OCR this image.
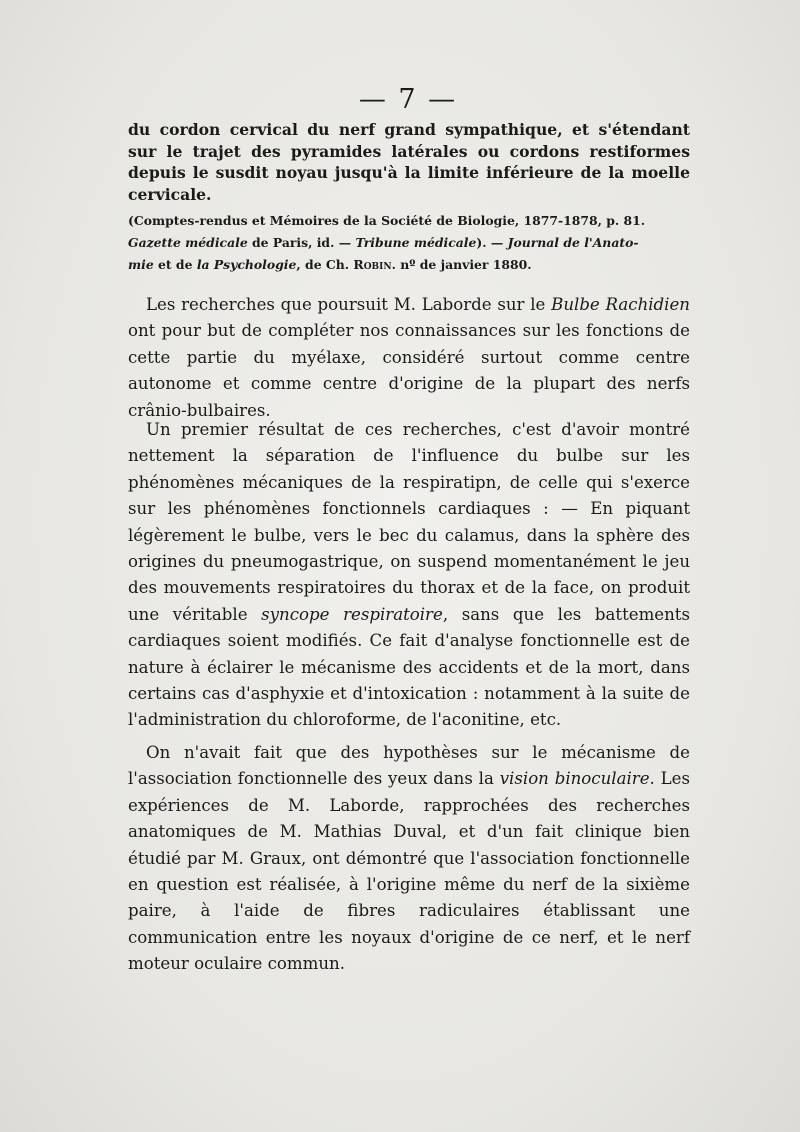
— 7 —
du cordon cervical du nerf grand sympathique, et s'étendant sur le trajet des pyramides latérales ou cordons restiformes depuis le susdit noyau jusqu'à la limite inférieure de la moelle cervicale.
(Comptes-rendus et Mémoires de la Société de Biologie, 1877-1878, p. 81.
Gazette médicale de Paris, id. — Tribune médicale). — Journal de l'Anato-
mie et de la Psychologie, de Ch. Robin. nº de janvier 1880.

Les recherches que poursuit M. Laborde sur le Bulbe Rachidien ont pour but de compléter nos connaissances sur les fonctions de cette partie du myélaxe, considéré surtout comme centre autonome et comme centre d'origine de la plupart des nerfs crânio-bulbaires.

Un premier résultat de ces recherches, c'est d'avoir montré nettement la séparation de l'influence du bulbe sur les phénomènes mécaniques de la respiratipn, de celle qui s'exerce sur les phénomènes fonctionnels cardiaques : — En piquant légèrement le bulbe, vers le bec du calamus, dans la sphère des origines du pneumogastrique, on suspend momentanément le jeu des mouvements respiratoires du thorax et de la face, on produit une véritable syncope respiratoire, sans que les battements cardiaques soient modifiés. Ce fait d'analyse fonctionnelle est de nature à éclairer le mécanisme des accidents et de la mort, dans certains cas d'asphyxie et d'intoxication : notamment à la suite de l'administration du chloroforme, de l'aconitine, etc.

On n'avait fait que des hypothèses sur le mécanisme de l'association fonctionnelle des yeux dans la vision binoculaire. Les expériences de M. Laborde, rapprochées des recherches anatomiques de M. Mathias Duval, et d'un fait clinique bien étudié par M. Graux, ont démontré que l'association fonctionnelle en question est réalisée, à l'origine même du nerf de la sixième paire, à l'aide de fibres radiculaires établissant une communication entre les noyaux d'origine de ce nerf, et le nerf moteur oculaire commun.
